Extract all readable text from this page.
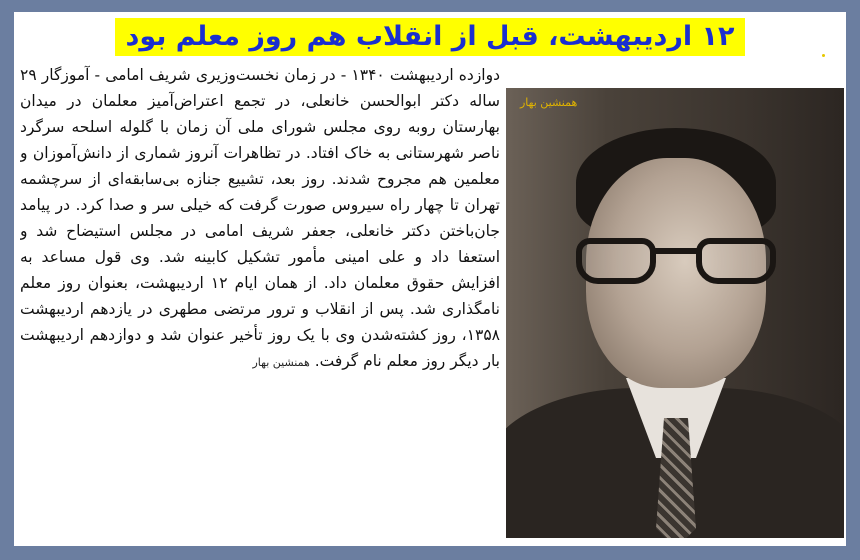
۱۲ اردیبهشت، قبل از انقلاب هم روز معلم بود
همنشین بهار
دوازده اردیبهشت ۱۳۴۰ - در زمان نخست‌وزیری شریف امامی - آموزگار ۲۹ ساله دکتر ابوالحسن خانعلی، در تجمع اعتراض‌آمیز معلمان در میدان بهارستان روبه روی مجلس شورای ملی آن زمان با گلوله اسلحه سرگرد ناصر شهرستانی به خاک افتاد. در تظاهرات آنروز شماری از دانش‌آموزان و معلمین هم مجروح شدند. روز بعد، تشییع جنازه بی‌سابقه‌ای از سرچشمه تهران تا چهار راه سیروس صورت گرفت که خیلی سر و صدا کرد. در پیامد جان‌باختن دکتر خانعلی، جعفر شریف امامی در مجلس استیضاح شد و استعفا داد و علی امینی مأمور تشکیل کابینه شد. وی قول مساعد به افزایش حقوق معلمان داد. از همان ایام ۱۲ اردیبهشت، بعنوان روز معلم نامگذاری شد. پس از انقلاب و ترور مرتضی مطهری در یازدهم اردیبهشت ۱۳۵۸، روز کشته‌شدن وی با یک روز تأخیر عنوان شد و دوازدهم اردیبهشت بار دیگر روز معلم نام گرفت. همنشین بهار
